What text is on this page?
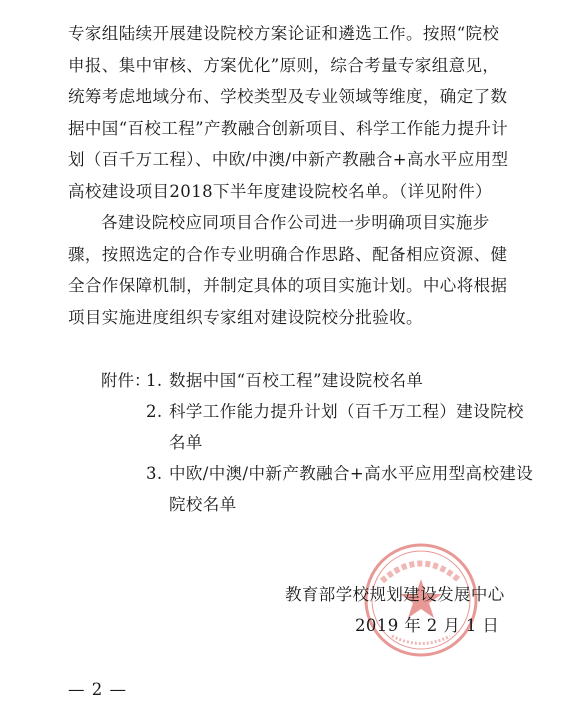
专家组陆续开展建设院校方案论证和遴选工作。按照“院校申报、集中审核、方案优化”原则，综合考量专家组意见，统筹考虑地域分布、学校类型及专业领域等维度，确定了数据中国“百校工程”产教融合创新项目、科学工作能力提升计划（百千万工程）、中欧/中澳/中新产教融合+高水平应用型高校建设项目2018下半年度建设院校名单。（详见附件）

各建设院校应同项目合作公司进一步明确项目实施步骤，按照选定的合作专业明确合作思路、配备相应资源、健全合作保障机制，并制定具体的项目实施计划。中心将根据项目实施进度组织专家组对建设院校分批验收。

附件：
1. 数据中国“百校工程”建设院校名单
2. 科学工作能力提升计划（百千万工程）建设院校
名单
3. 中欧/中澳/中新产教融合+高水平应用型高校建设
院校名单
教育部学校规划建设发展中心
2019 年 2 月 1 日
— 2 —
